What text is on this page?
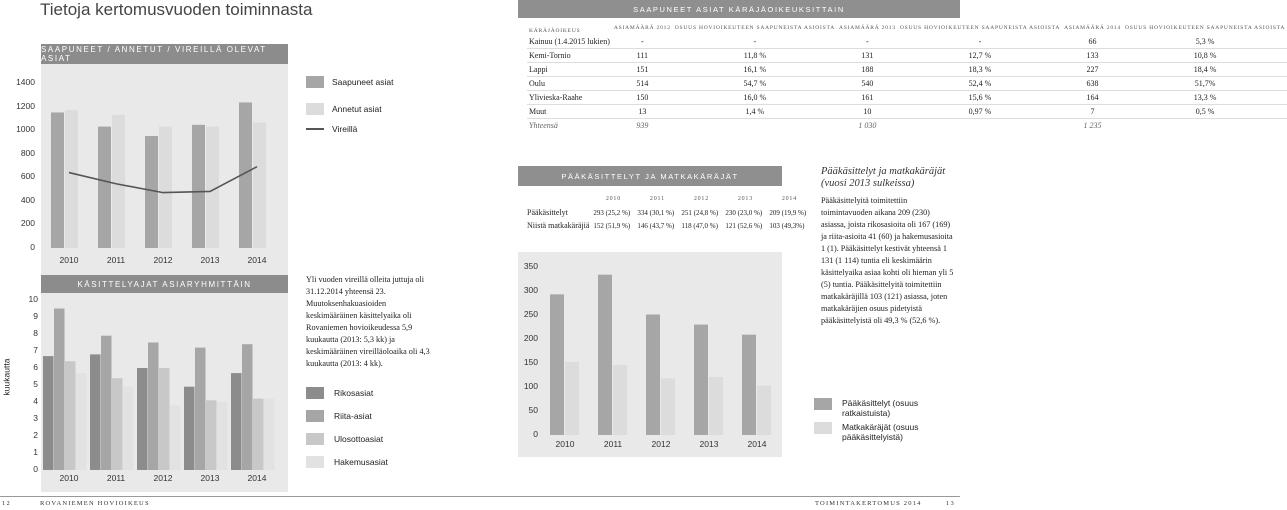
Tietoja kertomusvuoden toiminnasta
SAAPUNEET / ANNETUT / VIREILLÄ OLEVAT ASIAT
2010	2011	2012	2013	2014
Saapuneet asiat
Annetut asiat
Vireillä
KÄSITTELYAJAT ASIARYHMITTÄIN
kuukautta
2010	2011	2012	2013	2014
Yli vuoden vireillä olleita juttuja oli 31.12.2014 yhteensä 23. Muutoksenhakuasioiden keskimääräinen käsittelyaika oli Rovaniemen hovioikeudessa 5,9 kuukautta (2013: 5,3 kk) ja keskimääräinen vireilläoloaika oli 4,3 kuukautta (2013: 4 kk).
Rikosasiat
Riita-asiat
Ulosottoasiat
Hakemusasiat
SAAPUNEET ASIAT KÄRÄJÄOIKEUKSITTAIN
KÄRÄJÄOIKEUS	ASIAMÄÄRÄ 2012	OSUUS HOVIOIKEUTEEN SAAPUNEISTA ASIOISTA	ASIAMÄÄRÄ 2013	OSUUS HOVIOIKEUTEEN SAAPUNEISTA ASIOISTA	ASIAMÄÄRÄ 2014	OSUUS HOVIOIKEUTEEN SAAPUNEISTA ASIOISTA
Kainuu (1.4.2015 lukien)	-	-	-	-	66	5,3 %
Kemi-Tornio	111	11,8 %	131	12,7 %	133	10,8 %
Lappi	151	16,1 %	188	18,3 %	227	18,4 %
Oulu	514	54,7 %	540	52,4 %	638	51,7%
Ylivieska-Raahe	150	16,0 %	161	15,6 %	164	13,3 %
Muut	13	1,4 %	10	0,97 %	7	0,5 %
Yhteensä	939		1 030		1 235	
PÄÄKÄSITTELYT JA MATKAKÄRÄJÄT
	2010	2011	2012	2013	2014
Pääkäsittelyt	293 (25,2 %)	334 (30,1 %)	251 (24,8 %)	230 (23,0 %)	209 (19,9 %)
Niistä matkakäräjiä	152 (51,9 %)	146 (43,7 %)	118 (47,0 %)	121 (52,6 %)	103 (49,3%)
2010	2011	2012	2013	2014
Pääkäsittelyt ja matkakäräjät (vuosi 2013 sulkeissa)
Pääkäsittelyitä toimitettiin toimintavuoden aikana 209 (230) asiassa, joista rikosasioita oli 167 (169) ja riita-asioita 41 (60) ja hakemusasioita 1 (1). Pääkäsittelyt kestivät yhteensä 1 131 (1 114) tuntia eli keskimäärin käsittelyaika asiaa kohti oli hieman yli 5 (5) tuntia. Pääkäsittelyitä toimitettiin matkakäräjillä 103 (121) asiassa, joten matkakäräjien osuus pidetyistä pääkäsittelyistä oli 49,3 % (52,6 %).
Pääkäsittelyt (osuus ratkaistuista)
Matkakäräjät (osuus pääkäsittelyistä)
12	ROVANIEMEN HOVIOIKEUS	TOIMINTAKERTOMUS 2014	13
1400
1200
1000
800
600
400
200
0
10
9
8
7
6
5
4
3
2
1
0
350
300
250
200
150
100
50
0
